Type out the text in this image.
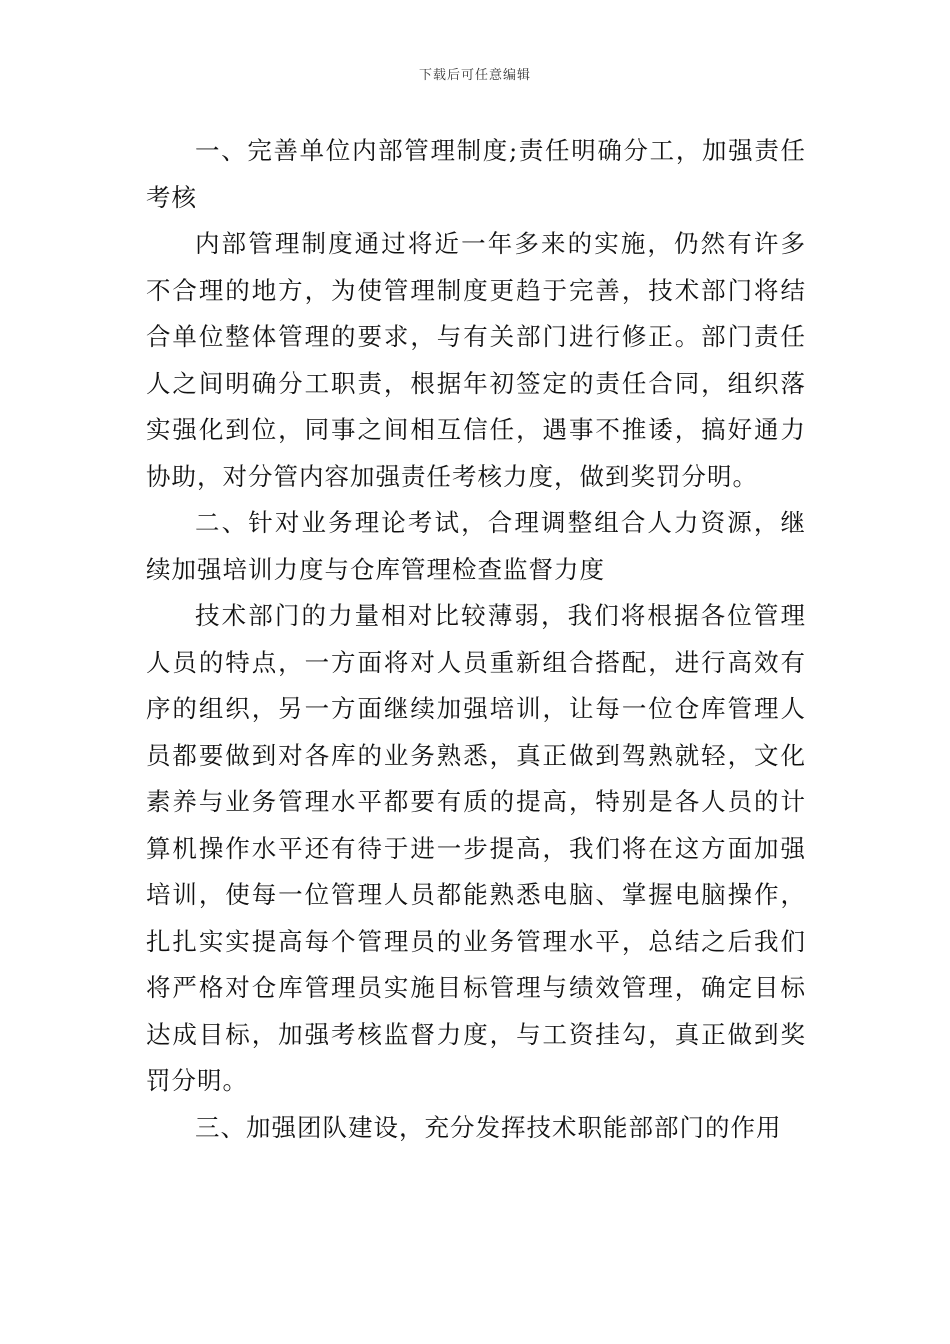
下载后可任意编辑

一、完善单位内部管理制度;责任明确分工，加强责任考核

内部管理制度通过将近一年多来的实施，仍然有许多不合理的地方，为使管理制度更趋于完善，技术部门将结合单位整体管理的要求，与有关部门进行修正。部门责任人之间明确分工职责，根据年初签定的责任合同，组织落实强化到位，同事之间相互信任，遇事不推诿，搞好通力协助，对分管内容加强责任考核力度，做到奖罚分明。

二、针对业务理论考试，合理调整组合人力资源，继续加强培训力度与仓库管理检查监督力度

技术部门的力量相对比较薄弱，我们将根据各位管理人员的特点，一方面将对人员重新组合搭配，进行高效有序的组织，另一方面继续加强培训，让每一位仓库管理人员都要做到对各库的业务熟悉，真正做到驾熟就轻，文化素养与业务管理水平都要有质的提高，特别是各人员的计算机操作水平还有待于进一步提高，我们将在这方面加强培训，使每一位管理人员都能熟悉电脑、掌握电脑操作，扎扎实实提高每个管理员的业务管理水平，总结之后我们将严格对仓库管理员实施目标管理与绩效管理，确定目标达成目标，加强考核监督力度，与工资挂勾，真正做到奖罚分明。

三、加强团队建设，充分发挥技术职能部部门的作用
